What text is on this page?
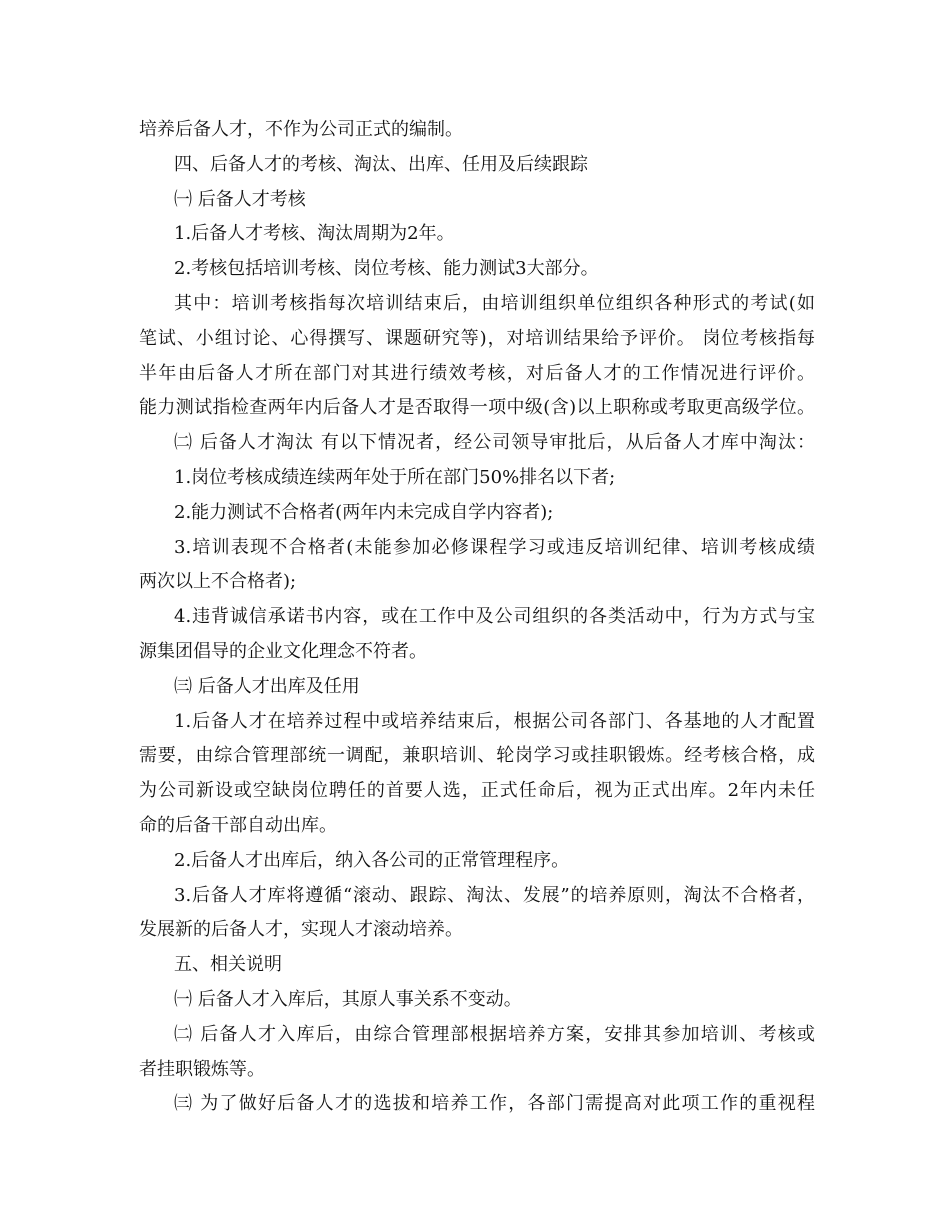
培养后备人才，不作为公司正式的编制。
四、后备人才的考核、淘汰、出库、任用及后续跟踪
㈠ 后备人才考核
1.后备人才考核、淘汰周期为2年。
2.考核包括培训考核、岗位考核、能力测试3大部分。
其中：培训考核指每次培训结束后，由培训组织单位组织各种形式的考试(如
笔试、小组讨论、心得撰写、课题研究等)，对培训结果给予评价。 岗位考核指每
半年由后备人才所在部门对其进行绩效考核，对后备人才的工作情况进行评价。
能力测试指检查两年内后备人才是否取得一项中级(含)以上职称或考取更高级学位。
㈡ 后备人才淘汰 有以下情况者，经公司领导审批后，从后备人才库中淘汰：
1.岗位考核成绩连续两年处于所在部门50%排名以下者;
2.能力测试不合格者(两年内未完成自学内容者);
3.培训表现不合格者(未能参加必修课程学习或违反培训纪律、培训考核成绩
两次以上不合格者);
4.违背诚信承诺书内容，或在工作中及公司组织的各类活动中，行为方式与宝
源集团倡导的企业文化理念不符者。
㈢ 后备人才出库及任用
1.后备人才在培养过程中或培养结束后，根据公司各部门、各基地的人才配置
需要，由综合管理部统一调配，兼职培训、轮岗学习或挂职锻炼。经考核合格，成
为公司新设或空缺岗位聘任的首要人选，正式任命后，视为正式出库。2年内未任
命的后备干部自动出库。
2.后备人才出库后，纳入各公司的正常管理程序。
3.后备人才库将遵循“滚动、跟踪、淘汰、发展”的培养原则，淘汰不合格者，
发展新的后备人才，实现人才滚动培养。
五、相关说明
㈠ 后备人才入库后，其原人事关系不变动。
㈡ 后备人才入库后，由综合管理部根据培养方案，安排其参加培训、考核或
者挂职锻炼等。
㈢ 为了做好后备人才的选拔和培养工作，各部门需提高对此项工作的重视程
